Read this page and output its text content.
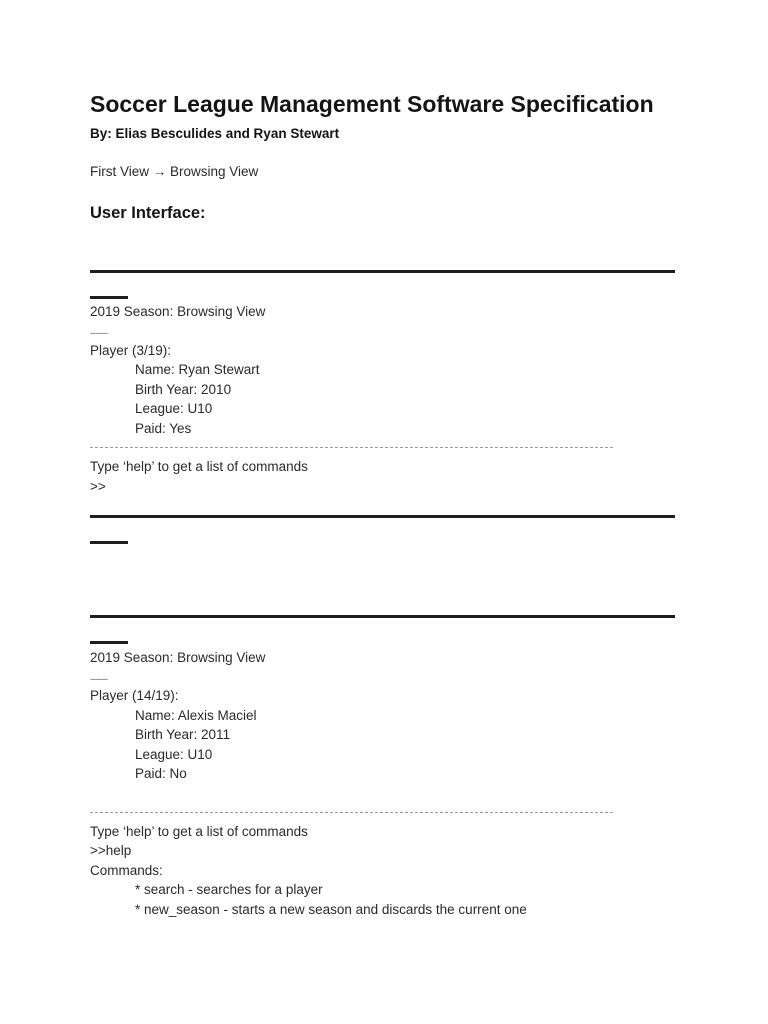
Soccer League Management Software Specification
By: Elias Besculides and Ryan Stewart
First View → Browsing View
User Interface:
2019 Season: Browsing View
-------
Player (3/19):
Name: Ryan Stewart
Birth Year: 2010
League: U10
Paid: Yes
Type ‘help’ to get a list of commands
>>
2019 Season: Browsing View
-------
Player (14/19):
Name: Alexis Maciel
Birth Year: 2011
League: U10
Paid: No
Type ‘help’ to get a list of commands
>>help
Commands:
* search - searches for a player
* new_season - starts a new season and discards the current one
